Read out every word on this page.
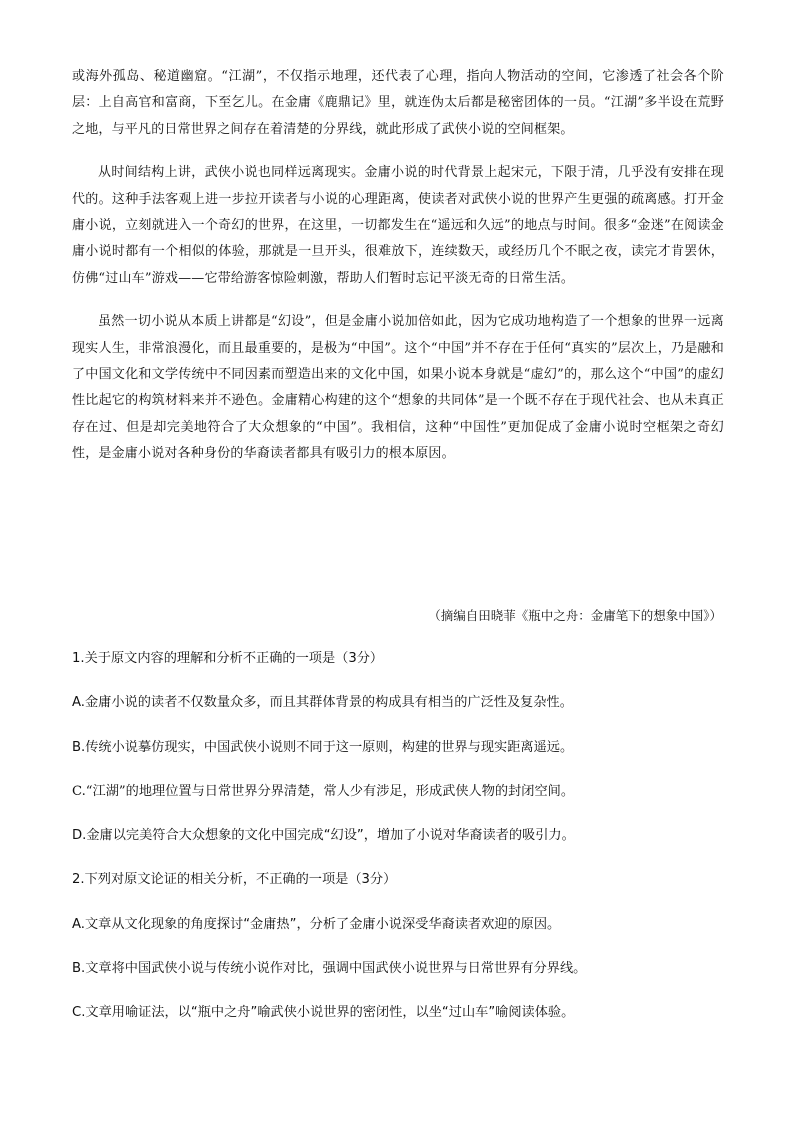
或海外孤岛、秘道幽窟。“江湖”，不仅指示地理，还代表了心理，指向人物活动的空间，它渗透了社会各个阶层：上自高官和富商，下至乞儿。在金庸《鹿鼎记》里，就连伪太后都是秘密团体的一员。“江湖”多半设在荒野之地，与平凡的日常世界之间存在着清楚的分界线，就此形成了武侠小说的空间框架。

从时间结构上讲，武侠小说也同样远离现实。金庸小说的时代背景上起宋元，下限于清，几乎没有安排在现代的。这种手法客观上进一步拉开读者与小说的心理距离，使读者对武侠小说的世界产生更强的疏离感。打开金庸小说，立刻就进入一个奇幻的世界，在这里，一切都发生在“遥远和久远”的地点与时间。很多“金迷”在阅读金庸小说时都有一个相似的体验，那就是一旦开头，很难放下，连续数天，或经历几个不眠之夜，读完才肯罢休，仿佛“过山车”游戏——它带给游客惊险刺激，帮助人们暂时忘记平淡无奇的日常生活。

虽然一切小说从本质上讲都是“幻设”，但是金庸小说加倍如此，因为它成功地构造了一个想象的世界一远离现实人生，非常浪漫化，而且最重要的，是极为“中国”。这个“中国”并不存在于任何“真实的”层次上，乃是融和了中国文化和文学传统中不同因素而塑造出来的文化中国，如果小说本身就是“虚幻”的，那么这个“中国”的虚幻性比起它的构筑材料来并不逊色。金庸精心构建的这个“想象的共同体”是一个既不存在于现代社会、也从未真正存在过、但是却完美地符合了大众想象的“中国”。我相信，这种“中国性”更加促成了金庸小说时空框架之奇幻性，是金庸小说对各种身份的华裔读者都具有吸引力的根本原因。

（摘编自田晓菲《瓶中之舟：金庸笔下的想象中国》）
1.关于原文内容的理解和分析不正确的一项是（3分）
A.金庸小说的读者不仅数量众多，而且其群体背景的构成具有相当的广泛性及复杂性。
B.传统小说摹仿现实，中国武侠小说则不同于这一原则，构建的世界与现实距离遥远。
C.“江湖”的地理位置与日常世界分界清楚，常人少有涉足，形成武侠人物的封闭空间。
D.金庸以完美符合大众想象的文化中国完成“幻设”，增加了小说对华裔读者的吸引力。
2.下列对原文论证的相关分析，不正确的一项是（3分）
A.文章从文化现象的角度探讨“金庸热”，分析了金庸小说深受华裔读者欢迎的原因。
B.文章将中国武侠小说与传统小说作对比，强调中国武侠小说世界与日常世界有分界线。
C.文章用喻证法，以“瓶中之舟”喻武侠小说世界的密闭性，以坐“过山车”喻阅读体验。
